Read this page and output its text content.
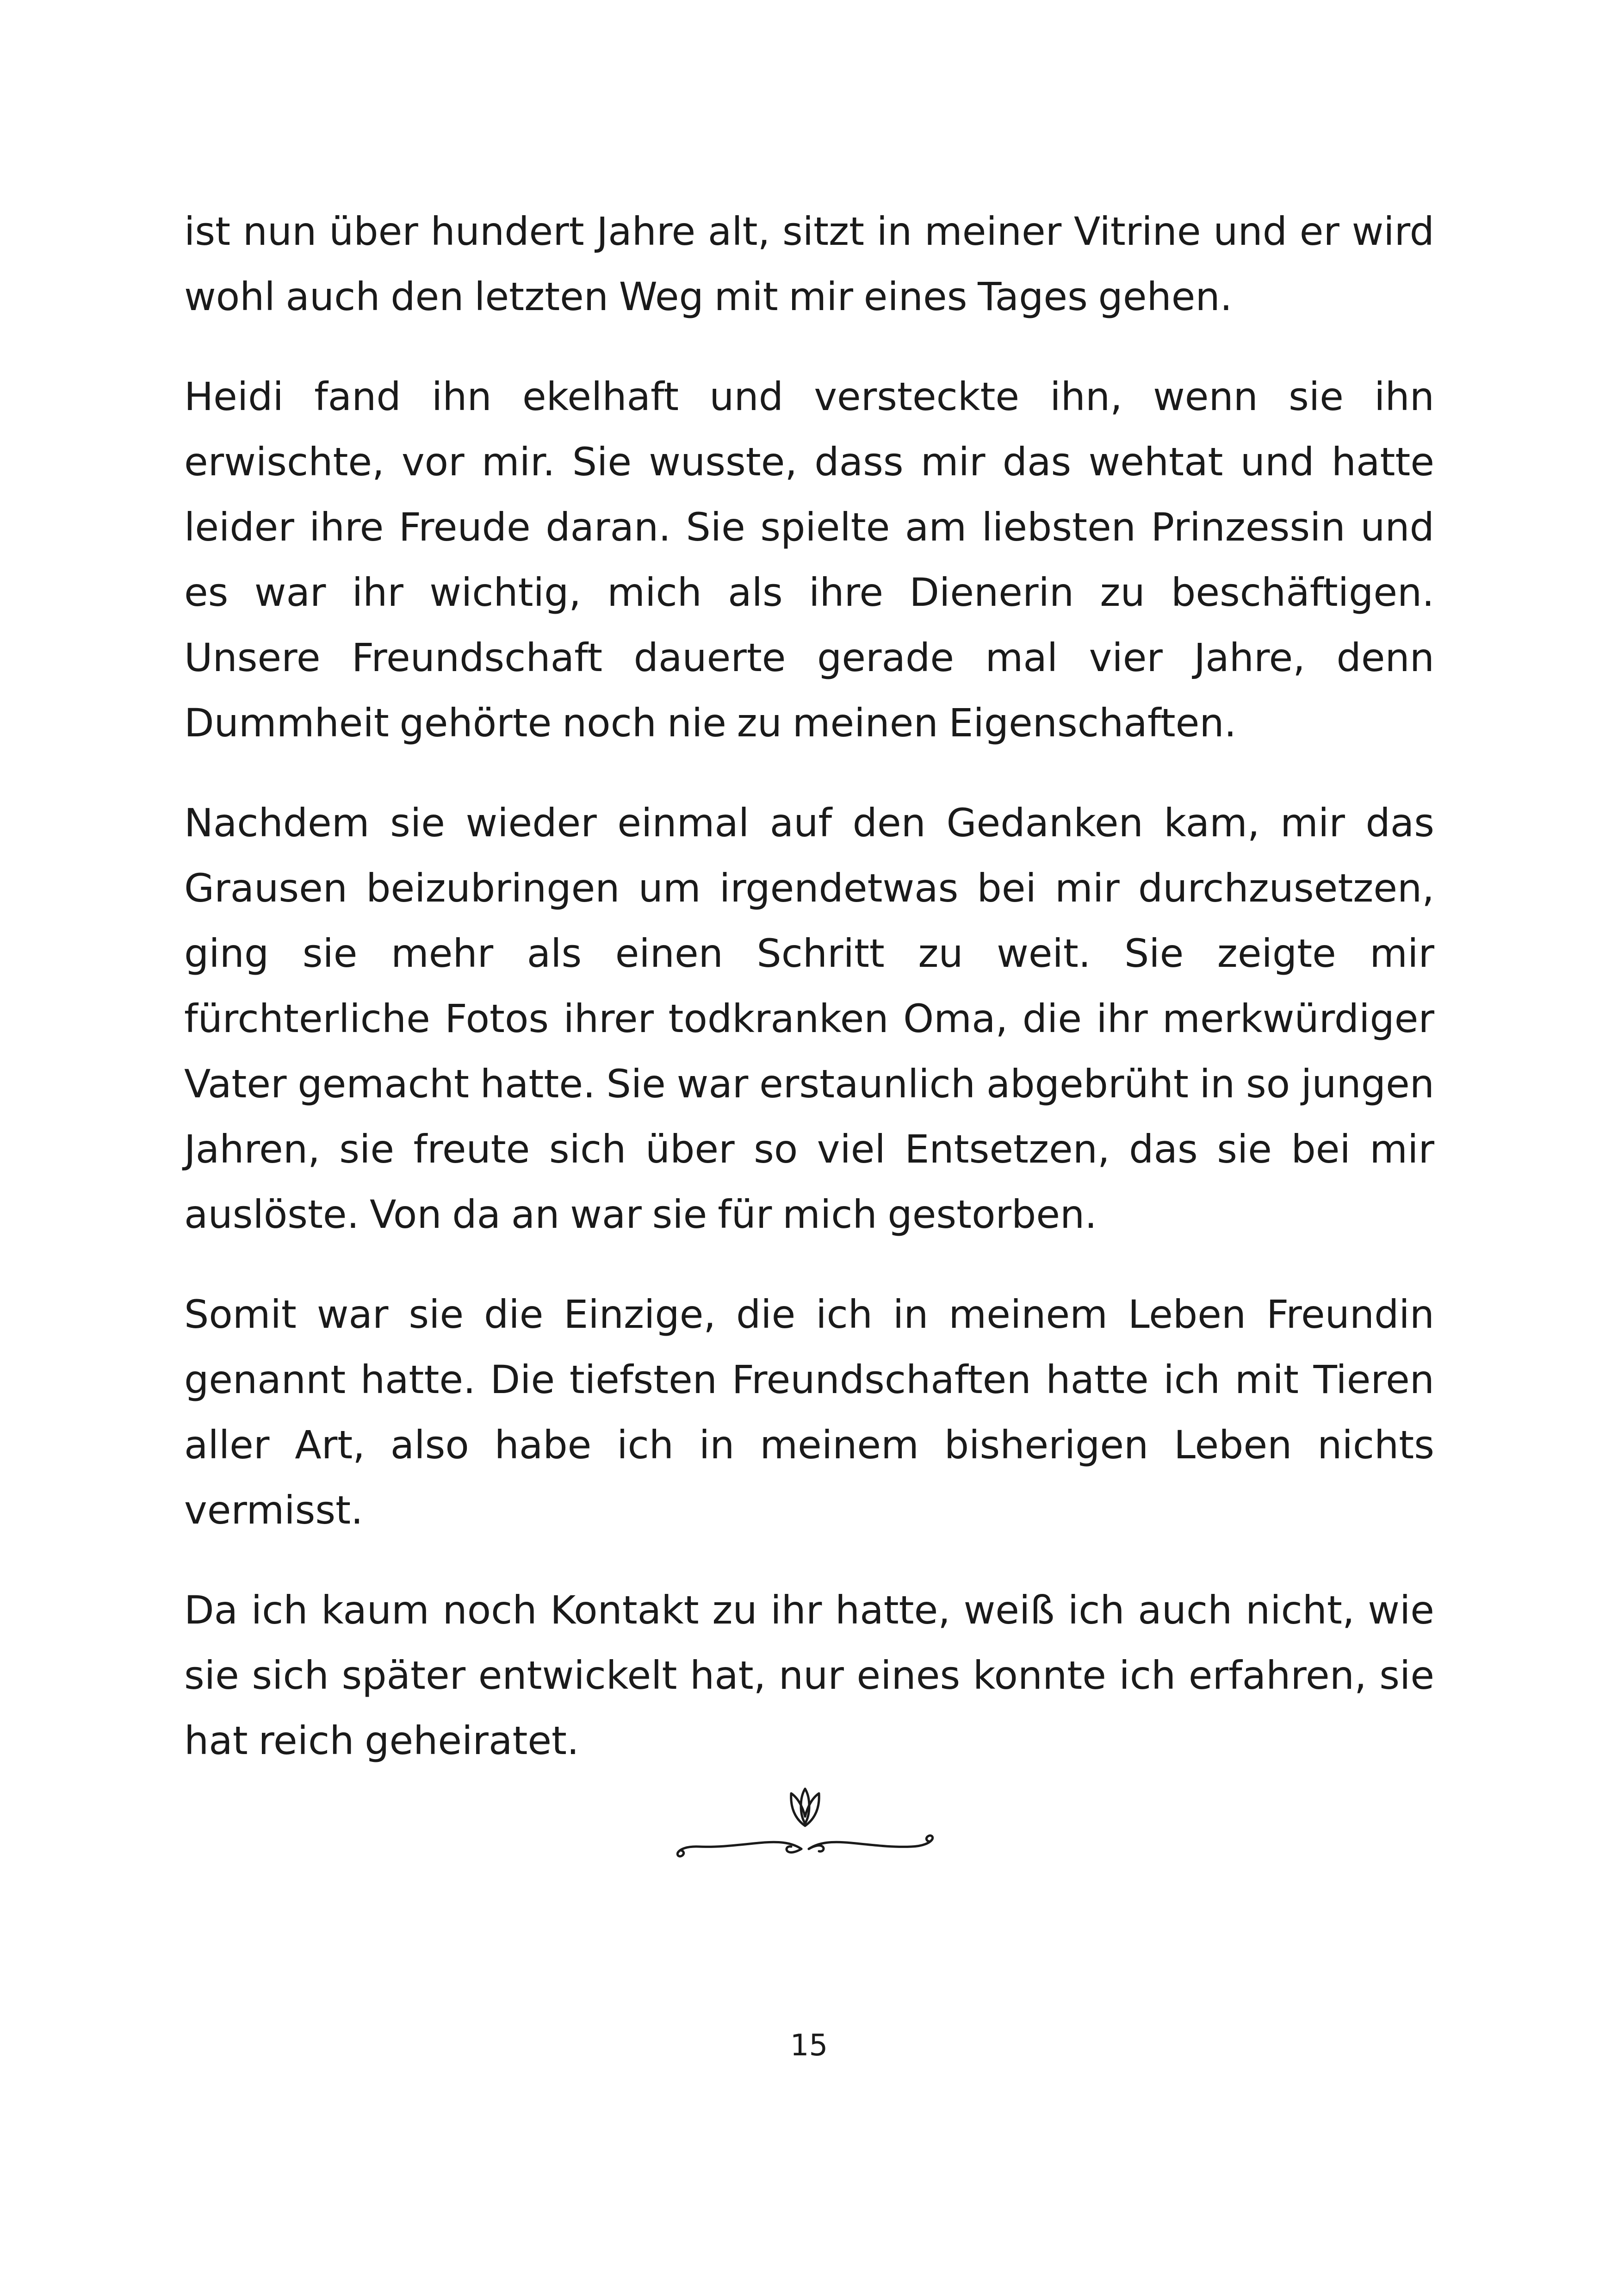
ist nun über hundert Jahre alt, sitzt in meiner Vitrine und er wird wohl auch den letzten Weg mit mir eines Tages gehen.

Heidi fand ihn ekelhaft und versteckte ihn, wenn sie ihn erwischte, vor mir. Sie wusste, dass mir das wehtat und hatte leider ihre Freude daran. Sie spielte am liebsten Prinzessin und es war ihr wichtig, mich als ihre Dienerin zu beschäftigen. Unsere Freundschaft dauerte gerade mal vier Jahre, denn Dummheit gehörte noch nie zu meinen Eigenschaften.

Nachdem sie wieder einmal auf den Gedanken kam, mir das Grausen beizubringen um irgendetwas bei mir durchzusetzen, ging sie mehr als einen Schritt zu weit. Sie zeigte mir fürchterliche Fotos ihrer todkranken Oma, die ihr merkwürdiger Vater gemacht hatte. Sie war erstaunlich abgebrüht in so jungen Jahren, sie freute sich über so viel Entsetzen, das sie bei mir auslöste. Von da an war sie für mich gestorben.

Somit war sie die Einzige, die ich in meinem Leben Freundin genannt hatte. Die tiefsten Freundschaften hatte ich mit Tieren aller Art, also habe ich in meinem bisherigen Leben nichts vermisst.

Da ich kaum noch Kontakt zu ihr hatte, weiß ich auch nicht, wie sie sich später entwickelt hat, nur eines konnte ich erfahren, sie hat reich geheiratet.

15
